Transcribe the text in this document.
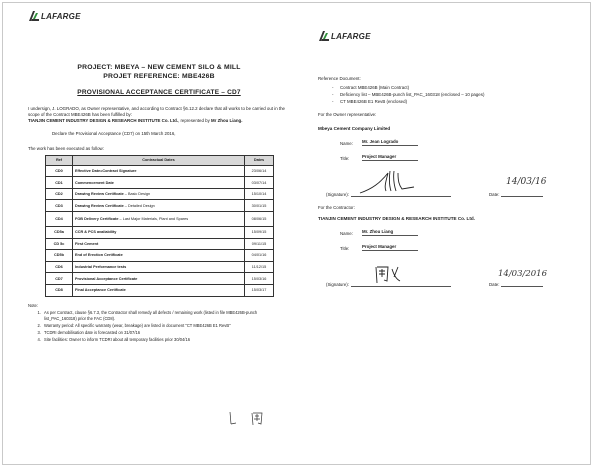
LAFARGE
PROJECT: MBEYA – NEW CEMENT SILO & MILL
PROJET REFERENCE: MBE426B
PROVISIONAL ACCEPTANCE CERTIFICATE – CD7
I undersign, J. LOGRADO, as Owner representative, and according to Contract §6.12.2 declare that all works to be carried out in the scope of the Contract MBE426B has been fulfilled by:
TIANJIN CEMENT INDUSTRY DESIGN & RESEARCH INSTITUTE Co. Ltd., represented by Mr Zhou Liang.
Declare the Provisional Acceptance (CD7) on 15th March 2016,
The work has been executed as follow:
Ref	Contractual Dates	Dates
CD0	Effective Date=Contract Signature	23/06/14
CD1	Commencement Date	03/07/14
CD2	Drawing Review Certificate – Basic Design	15/10/14
CD3	Drawing Review Certificate – Detailed Design	30/01/15
CD4	FOB Delivery Certificate – Last Major Materials, Plant and Spares	08/06/15
CD5a	CCR & PCS availability	15/09/15
CD 5c	First Cement	09/11/15
CD5b	End of Erection Certificate	04/01/16
CD6	Industrial Performance tests	11/12/15
CD7	Provisional Acceptance Certificate	15/03/16
CD8	Final Acceptance Certificate	15/03/17
Note:
1. As per Contract, clause §6.7.3, the Contractor shall remedy all defects / remaining work (listed in file MBE426B-punch list_PAC_160318) prior the FAC (CD8).
2. Warranty period: All specific warranty (wear, breakage) are listed in document "CT MBE426B E1 RevB"
3. TCDRI demobilisation date is forecasted on 31/07/16
4. Site facilities: Owner to inform TCDRI about all temporary facilities prior 30/04/16
LAFARGE
Reference Document:
- Contract MBE426B (Main Contract)
- Deficiency list – MBE426B-punch list_PAC_160318 (enclosed – 10 pages)
- CT MBE426B E1 RevB (enclosed)
For the Owner representative:
Mbeya Cement Company Limited
Name:	Mr. Jean Logrado
Title:	Project Manager
(Signature):	Date:
14/03/16
For the Contractor:
TIANJIN CEMENT INDUSTRY DESIGN & RESEARCH INSTITUTE Co. Ltd.
Name:	Mr. Zhou Liang
Title:	Project Manager
(Signature):	Date:
14/03/2016
